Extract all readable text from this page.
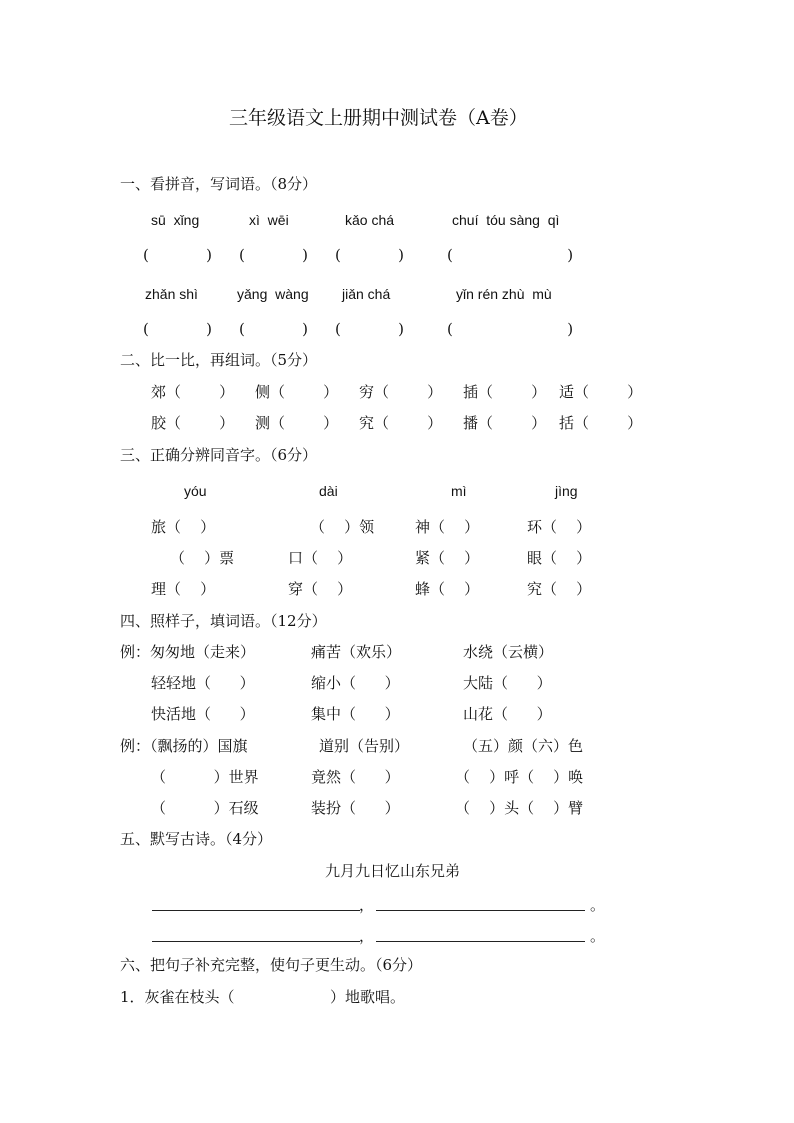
三年级语文上册期中测试卷（A卷）
一、看拼音，写词语。（8分）
sū  xǐng	xì  wēi	kǎo chá	chuí  tóu sàng  qì
(            ) (            ) (            )	(                        )
zhǎn shì	yǎng  wàng jiǎn chá	yǐn rén zhù  mù
(            ) (            ) (            )	(                        )
二、比一比，再组词。（5分）
郊（        ） 侧（        ） 穷（        ） 插（        ） 适（        ）
胶（        ） 测（        ） 究（        ） 播（        ） 括（        ）
三、正确分辨同音字。（6分）
yóu	dài	mì	jìng
旅（    ）	（    ）领	神（    ）	环（    ）
（    ）票	口（    ）	紧（    ）	眼（    ）
理（    ）	穿（    ）	蜂（    ）	究（    ）
四、照样子，填词语。（12分）
例：匆匆地（走来）	痛苦（欢乐）	水绕（云横）
轻轻地（      ）	缩小（      ）	大陆（      ）
快活地（      ）	集中（      ）	山花（      ）
例：（飘扬的）国旗	道别（告别）	（五）颜（六）色
（          ）世界	竟然（      ）	（    ）呼（    ）唤
（          ）石级	装扮（      ）	（    ）头（    ）臂
五、默写古诗。（4分）
九月九日忆山东兄弟
，	。
，	。
六、把句子补充完整，使句子更生动。（6分）
1．灰雀在枝头（	）地歌唱。
